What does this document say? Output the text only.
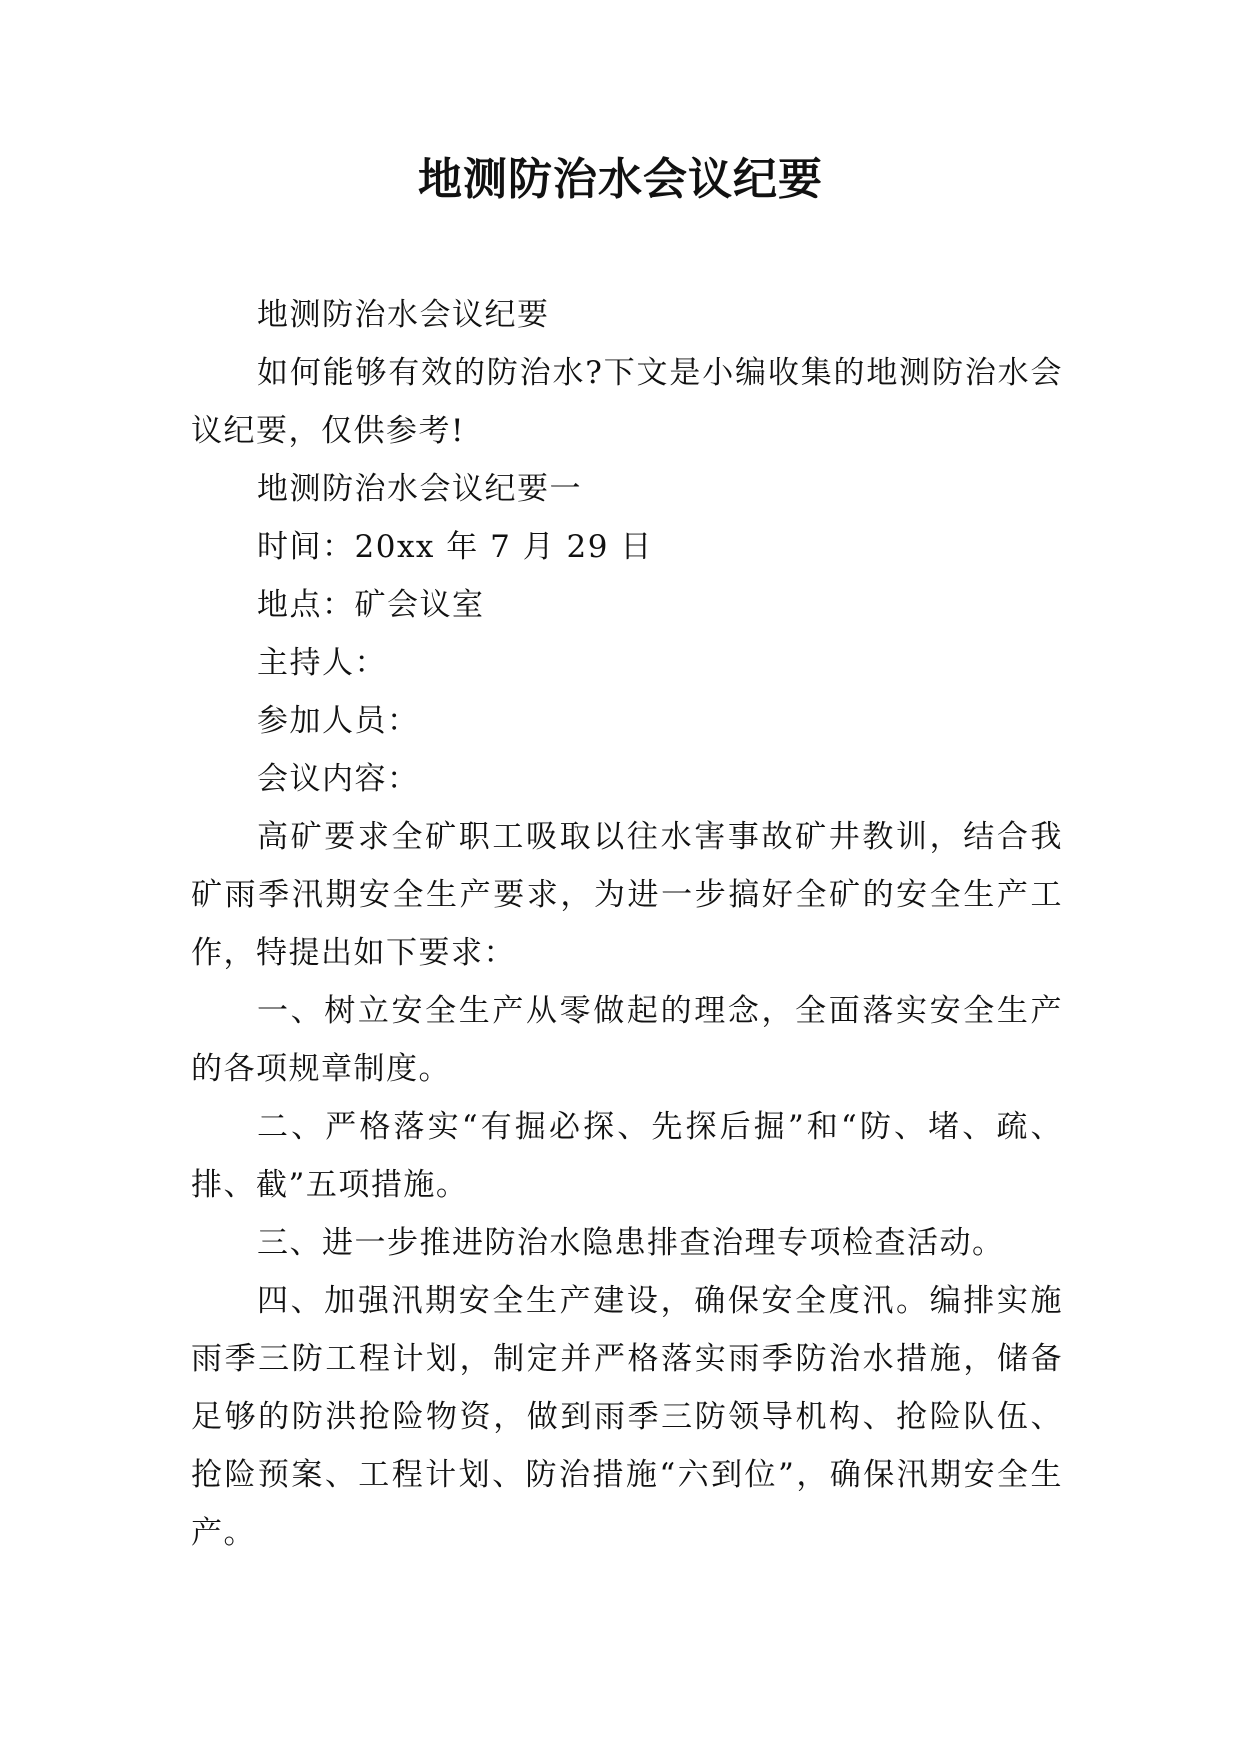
地测防治水会议纪要

地测防治水会议纪要

如何能够有效的防治水?下文是小编收集的地测防治水会议纪要，仅供参考!

地测防治水会议纪要一

时间：20xx 年 7 月 29 日

地点：矿会议室

主持人：

参加人员：

会议内容：

高矿要求全矿职工吸取以往水害事故矿井教训，结合我矿雨季汛期安全生产要求，为进一步搞好全矿的安全生产工作，特提出如下要求：

一、树立安全生产从零做起的理念，全面落实安全生产的各项规章制度。

二、严格落实“有掘必探、先探后掘”和“防、堵、疏、排、截”五项措施。

三、进一步推进防治水隐患排查治理专项检查活动。

四、加强汛期安全生产建设，确保安全度汛。编排实施雨季三防工程计划，制定并严格落实雨季防治水措施，储备足够的防洪抢险物资，做到雨季三防领导机构、抢险队伍、抢险预案、工程计划、防治措施“六到位”，确保汛期安全生产。
